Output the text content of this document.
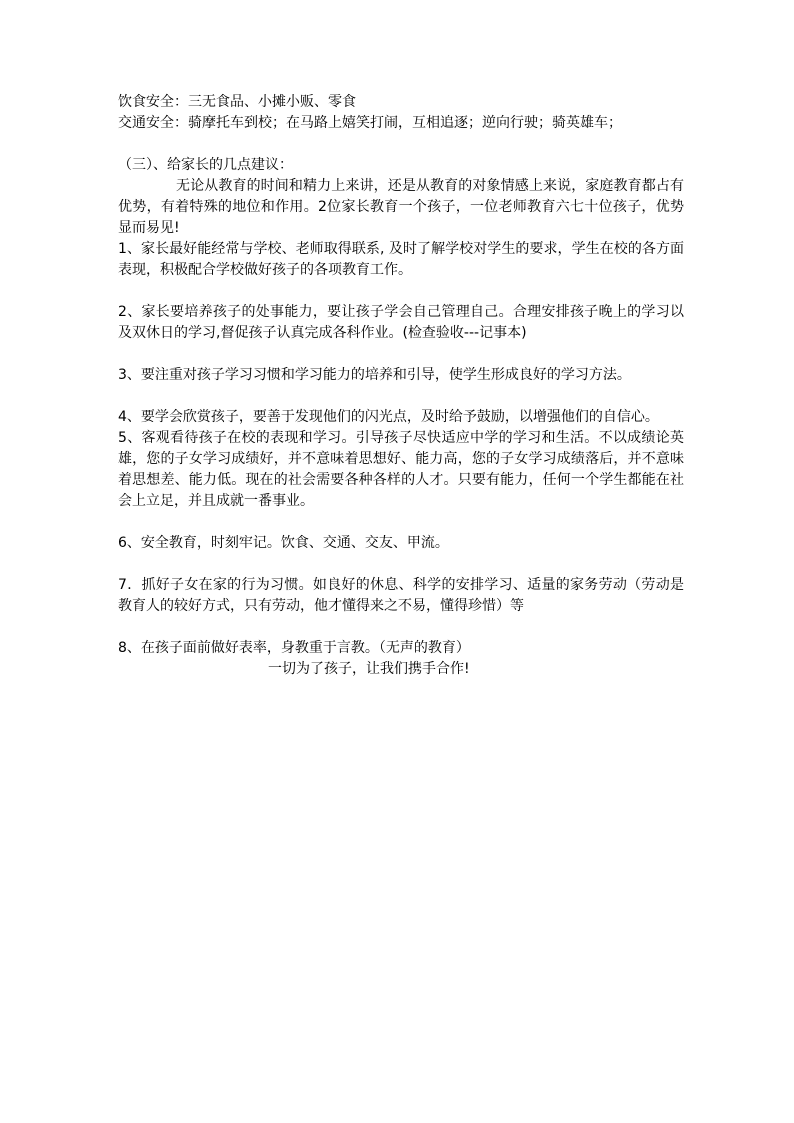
饮食安全：三无食品、小摊小贩、零食

交通安全：骑摩托车到校；在马路上嬉笑打闹，互相追逐；逆向行驶；骑英雄车；

（三）、给家长的几点建议：

无论从教育的时间和精力上来讲，还是从教育的对象情感上来说，家庭教育都占有优势，有着特殊的地位和作用。2位家长教育一个孩子，一位老师教育六七十位孩子，优势显而易见!

1、家长最好能经常与学校、老师取得联系, 及时了解学校对学生的要求，学生在校的各方面表现，积极配合学校做好孩子的各项教育工作。

2、家长要培养孩子的处事能力，要让孩子学会自己管理自己。合理安排孩子晚上的学习以及双休日的学习,督促孩子认真完成各科作业。(检查验收---记事本)

3、要注重对孩子学习习惯和学习能力的培养和引导，使学生形成良好的学习方法。

4、要学会欣赏孩子，要善于发现他们的闪光点，及时给予鼓励，以增强他们的自信心。

5、客观看待孩子在校的表现和学习。引导孩子尽快适应中学的学习和生活。不以成绩论英雄，您的子女学习成绩好，并不意味着思想好、能力高，您的子女学习成绩落后，并不意味着思想差、能力低。现在的社会需要各种各样的人才。只要有能力，任何一个学生都能在社会上立足，并且成就一番事业。

6、安全教育，时刻牢记。饮食、交通、交友、甲流。

7．抓好子女在家的行为习惯。如良好的休息、科学的安排学习、适量的家务劳动（劳动是教育人的较好方式，只有劳动，他才懂得来之不易，懂得珍惜）等

8、在孩子面前做好表率，身教重于言教。（无声的教育）

一切为了孩子，让我们携手合作!
